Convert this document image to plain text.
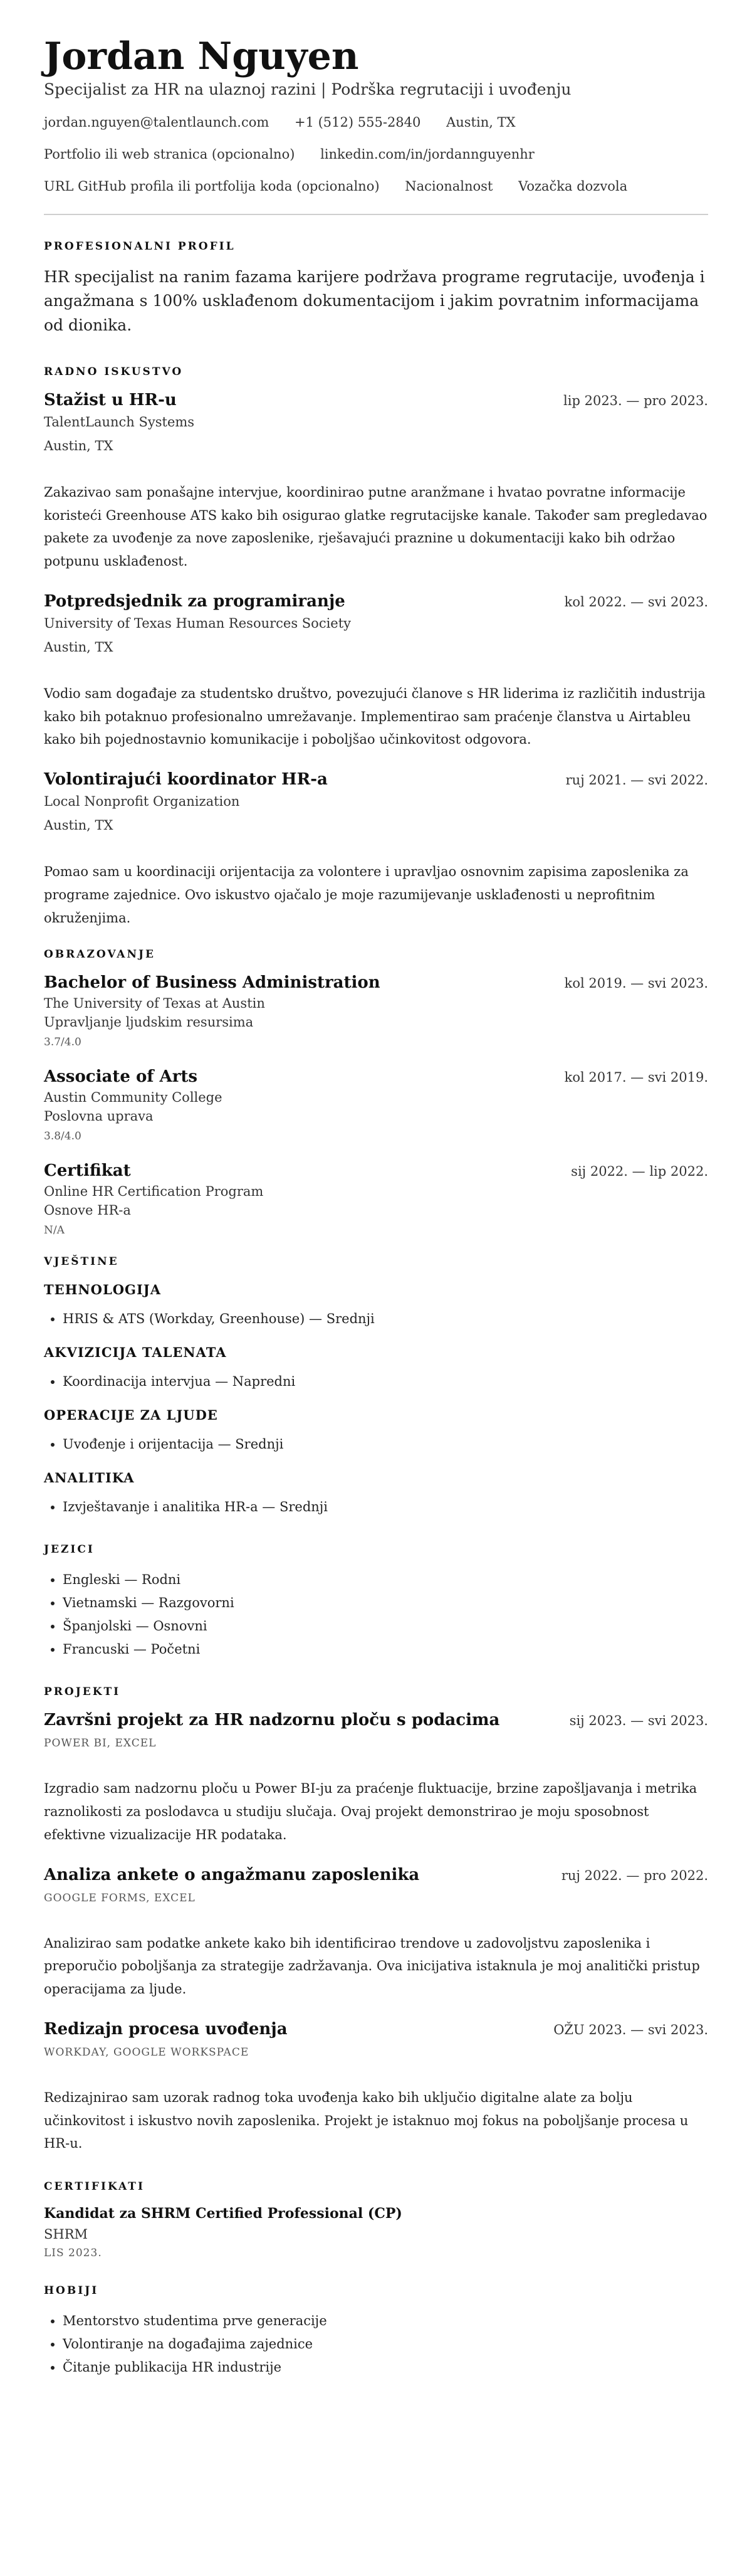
Jordan Nguyen
Specijalist za HR na ulaznoj razini | Podrška regrutaciji i uvođenju
jordan.nguyen@talentlaunch.com +1 (512) 555-2840 Austin, TX
Portfolio ili web stranica (opcionalno) linkedin.com/in/jordannguyenhr
URL GitHub profila ili portfolija koda (opcionalno) Nacionalnost Vozačka dozvola
PROFESIONALNI PROFIL
HR specijalist na ranim fazama karijere podržava programe regrutacije, uvođenja i angažmana s 100% usklađenom dokumentacijom i jakim povratnim informacijama od dionika.
RADNO ISKUSTVO
Stažist u HR-u	lip 2023. — pro 2023.
TalentLaunch Systems
Austin, TX
Zakazivao sam ponašajne intervjue, koordinirao putne aranžmane i hvatao povratne informacije koristeći Greenhouse ATS kako bih osigurao glatke regrutacijske kanale. Također sam pregledavao pakete za uvođenje za nove zaposlenike, rješavajući praznine u dokumentaciji kako bih održao potpunu usklađenost.
Potpredsjednik za programiranje	kol 2022. — svi 2023.
University of Texas Human Resources Society
Austin, TX
Vodio sam događaje za studentsko društvo, povezujući članove s HR liderima iz različitih industrija kako bih potaknuo profesionalno umrežavanje. Implementirao sam praćenje članstva u Airtableu kako bih pojednostavnio komunikacije i poboljšao učinkovitost odgovora.
Volontirajući koordinator HR-a	ruj 2021. — svi 2022.
Local Nonprofit Organization
Austin, TX
Pomao sam u koordinaciji orijentacija za volontere i upravljao osnovnim zapisima zaposlenika za programe zajednice. Ovo iskustvo ojačalo je moje razumijevanje usklađenosti u neprofitnim okruženjima.
OBRAZOVANJE
Bachelor of Business Administration	kol 2019. — svi 2023.
The University of Texas at Austin
Upravljanje ljudskim resursima
3.7/4.0
Associate of Arts	kol 2017. — svi 2019.
Austin Community College
Poslovna uprava
3.8/4.0
Certifikat	sij 2022. — lip 2022.
Online HR Certification Program
Osnove HR-a
N/A
VJEŠTINE
TEHNOLOGIJA
• HRIS & ATS (Workday, Greenhouse) — Srednji
AKVIZICIJA TALENATA
• Koordinacija intervjua — Napredni
OPERACIJE ZA LJUDE
• Uvođenje i orijentacija — Srednji
ANALITIKA
• Izvještavanje i analitika HR-a — Srednji
JEZICI
• Engleski — Rodni
• Vietnamski — Razgovorni
• Španjolski — Osnovni
• Francuski — Početni
PROJEKTI
Završni projekt za HR nadzornu ploču s podacima	sij 2023. — svi 2023.
POWER BI, EXCEL
Izgradio sam nadzornu ploču u Power BI-ju za praćenje fluktuacije, brzine zapošljavanja i metrika raznolikosti za poslodavca u studiju slučaja. Ovaj projekt demonstrirao je moju sposobnost efektivne vizualizacije HR podataka.
Analiza ankete o angažmanu zaposlenika	ruj 2022. — pro 2022.
GOOGLE FORMS, EXCEL
Analizirao sam podatke ankete kako bih identificirao trendove u zadovoljstvu zaposlenika i preporučio poboljšanja za strategije zadržavanja. Ova inicijativa istaknula je moj analitički pristup operacijama za ljude.
Redizajn procesa uvođenja	OŽU 2023. — svi 2023.
WORKDAY, GOOGLE WORKSPACE
Redizajnirao sam uzorak radnog toka uvođenja kako bih uključio digitalne alate za bolju učinkovitost i iskustvo novih zaposlenika. Projekt je istaknuo moj fokus na poboljšanje procesa u HR-u.
CERTIFIKATI
Kandidat za SHRM Certified Professional (CP)
SHRM
LIS 2023.
HOBIJI
• Mentorstvo studentima prve generacije
• Volontiranje na događajima zajednice
• Čitanje publikacija HR industrije
